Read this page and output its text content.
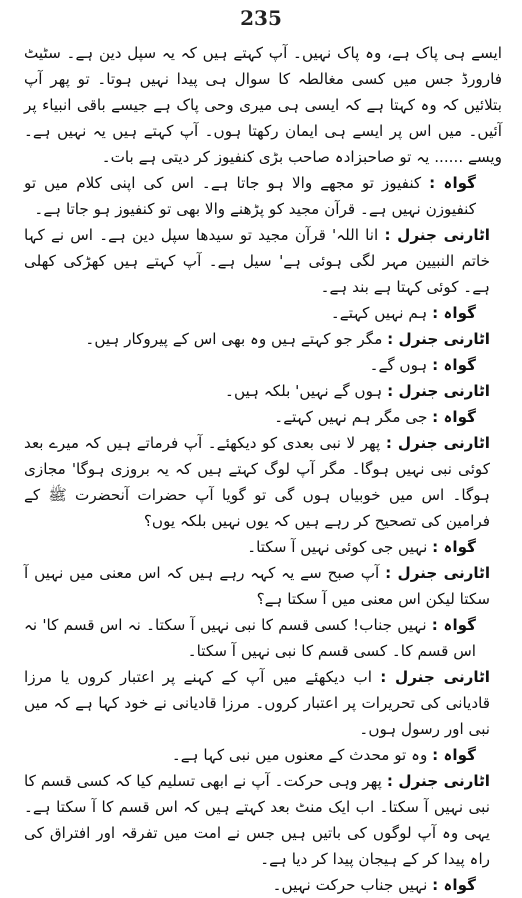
235

ایسے ہی پاک ہے، وہ پاک نہیں۔ آپ کہتے ہیں کہ یہ سپل دین ہے۔ سٹیٹ فارورڈ جس میں کسی مغالطہ کا سوال ہی پیدا نہیں ہوتا۔ تو پھر آپ بتلائیں کہ وہ کہتا ہے کہ ایسی ہی میری وحی پاک ہے جیسے باقی انبیاء پر آئیں۔ میں اس پر ایسے ہی ایمان رکھتا ہوں۔ آپ کہتے ہیں یہ نہیں ہے۔ ویسے ...... یہ تو صاحبزادہ صاحب بڑی کنفیوز کر دیتی ہے بات۔

گواہ : کنفیوز تو مجھے والا ہو جاتا ہے۔ اس کی اپنی کلام میں تو کنفیوزن نہیں ہے۔ قرآن مجید کو پڑھنے والا بھی تو کنفیوز ہو جاتا ہے۔

اٹارنی جنرل : انا اللہ' قرآن مجید تو سیدھا سپل دین ہے۔ اس نے کہا خاتم النبیین مہر لگی ہوئی ہے' سیل ہے۔ آپ کہتے ہیں کھڑکی کھلی ہے۔ کوئی کہتا ہے بند ہے۔

گواہ : ہم نہیں کہتے۔

اٹارنی جنرل : مگر جو کہتے ہیں وہ بھی اس کے پیروکار ہیں۔

گواہ : ہوں گے۔

اٹارنی جنرل : ہوں گے نہیں' بلکہ ہیں۔

گواہ : جی مگر ہم نہیں کہتے۔

اٹارنی جنرل : پھر لا نبی بعدی کو دیکھئے۔ آپ فرماتے ہیں کہ میرے بعد کوئی نبی نہیں ہوگا۔ مگر آپ لوگ کہتے ہیں کہ یہ بروزی ہوگا' مجازی ہوگا۔ اس میں خوبیاں ہوں گی تو گویا آپ حضرات آنحضرت ﷺ کے فرامین کی تصحیح کر رہے ہیں کہ یوں نہیں بلکہ یوں؟

گواہ : نہیں جی کوئی نہیں آ سکتا۔

اٹارنی جنرل : آپ صبح سے یہ کہہ رہے ہیں کہ اس معنی میں نہیں آ سکتا لیکن اس معنی میں آ سکتا ہے؟

گواہ : نہیں جناب! کسی قسم کا نبی نہیں آ سکتا۔ نہ اس قسم کا' نہ اس قسم کا۔ کسی قسم کا نبی نہیں آ سکتا۔

اٹارنی جنرل : اب دیکھئے میں آپ کے کہنے پر اعتبار کروں یا مرزا قادیانی کی تحریرات پر اعتبار کروں۔ مرزا قادیانی نے خود کہا ہے کہ میں نبی اور رسول ہوں۔

گواہ : وہ تو محدث کے معنوں میں نبی کہا ہے۔

اٹارنی جنرل : پھر وہی حرکت۔ آپ نے ابھی تسلیم کیا کہ کسی قسم کا نبی نہیں آ سکتا۔ اب ایک منٹ بعد کہتے ہیں کہ اس قسم کا آ سکتا ہے۔ یہی وہ آپ لوگوں کی باتیں ہیں جس نے امت میں تفرقہ اور افتراق کی راہ پیدا کر کے ہیجان پیدا کر دیا ہے۔

گواہ : نہیں جناب حرکت نہیں۔
